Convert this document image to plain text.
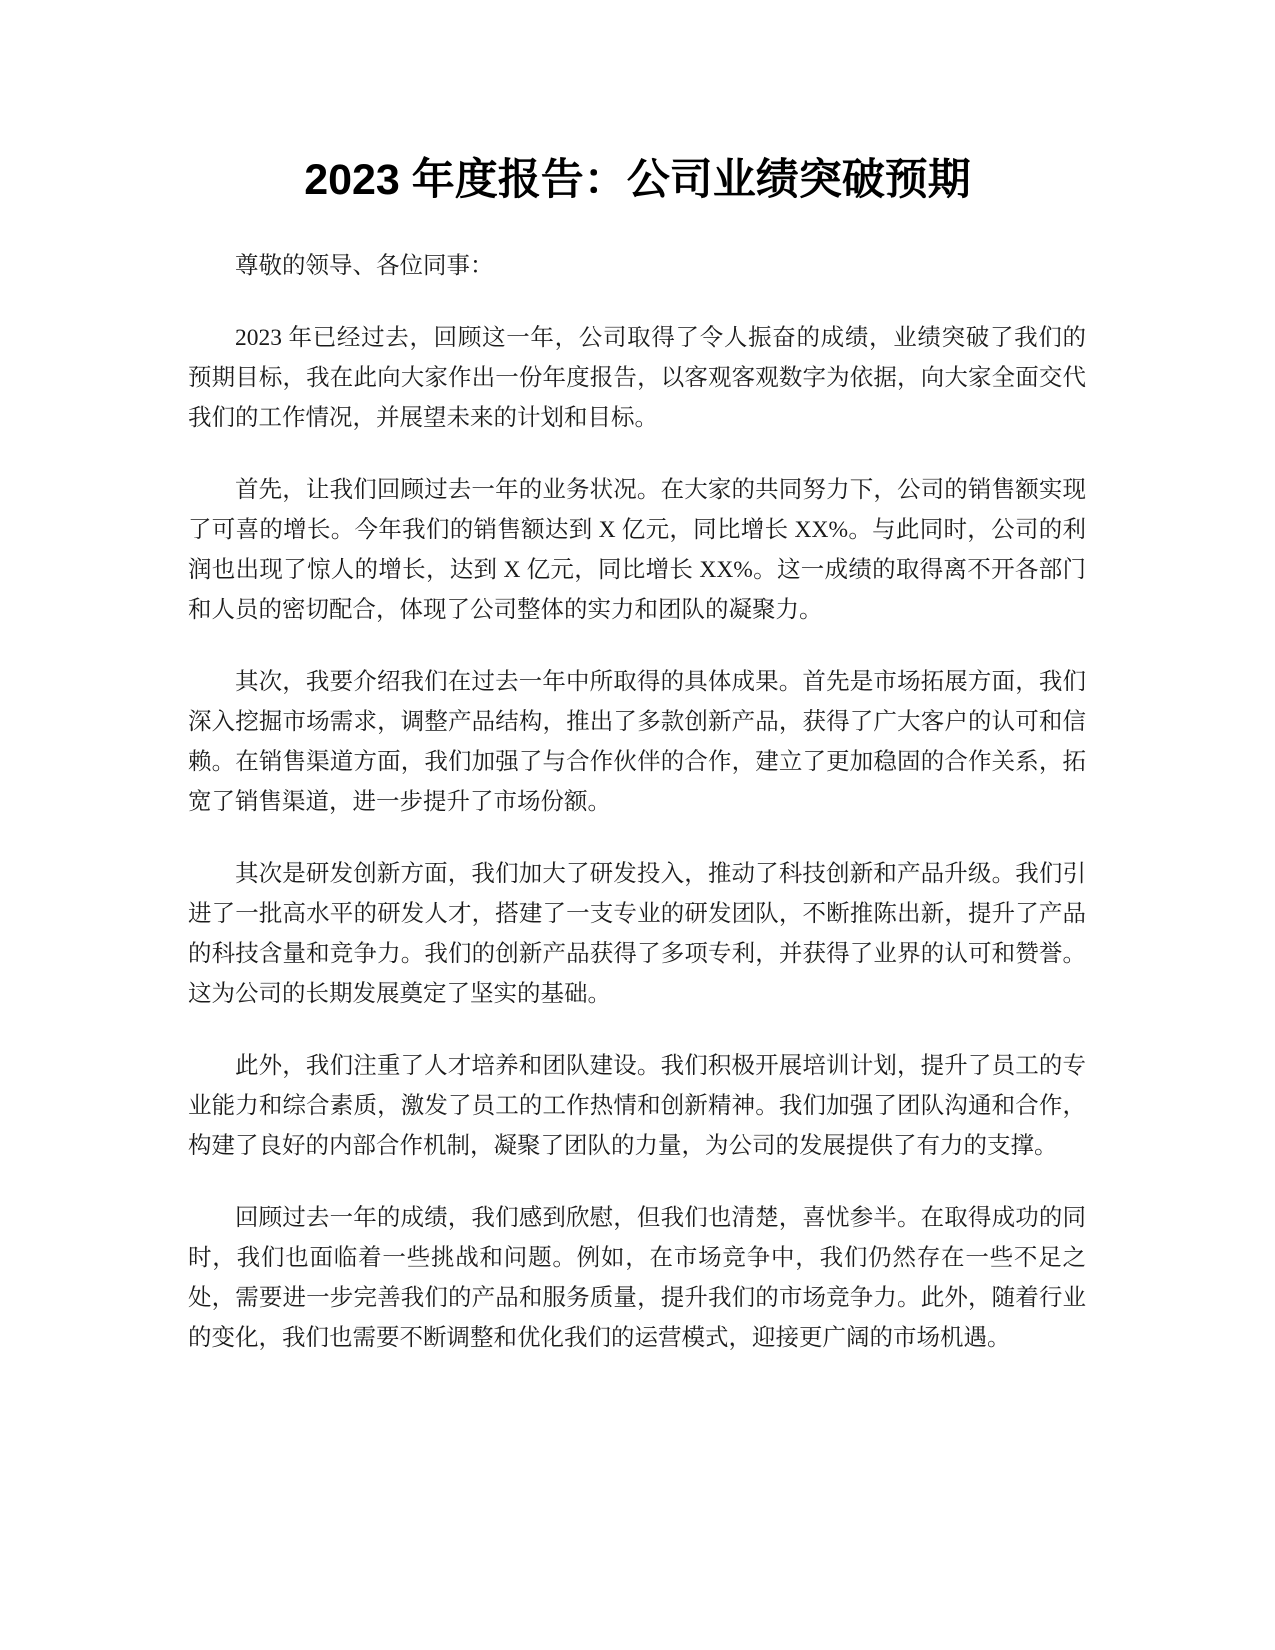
2023 年度报告：公司业绩突破预期

尊敬的领导、各位同事：

2023 年已经过去，回顾这一年，公司取得了令人振奋的成绩，业绩突破了我们的预期目标，我在此向大家作出一份年度报告，以客观客观数字为依据，向大家全面交代我们的工作情况，并展望未来的计划和目标。

首先，让我们回顾过去一年的业务状况。在大家的共同努力下，公司的销售额实现了可喜的增长。今年我们的销售额达到 X 亿元，同比增长 XX%。与此同时，公司的利润也出现了惊人的增长，达到 X 亿元，同比增长 XX%。这一成绩的取得离不开各部门和人员的密切配合，体现了公司整体的实力和团队的凝聚力。

其次，我要介绍我们在过去一年中所取得的具体成果。首先是市场拓展方面，我们深入挖掘市场需求，调整产品结构，推出了多款创新产品，获得了广大客户的认可和信赖。在销售渠道方面，我们加强了与合作伙伴的合作，建立了更加稳固的合作关系，拓宽了销售渠道，进一步提升了市场份额。

其次是研发创新方面，我们加大了研发投入，推动了科技创新和产品升级。我们引进了一批高水平的研发人才，搭建了一支专业的研发团队，不断推陈出新，提升了产品的科技含量和竞争力。我们的创新产品获得了多项专利，并获得了业界的认可和赞誉。这为公司的长期发展奠定了坚实的基础。

此外，我们注重了人才培养和团队建设。我们积极开展培训计划，提升了员工的专业能力和综合素质，激发了员工的工作热情和创新精神。我们加强了团队沟通和合作，构建了良好的内部合作机制，凝聚了团队的力量，为公司的发展提供了有力的支撑。

回顾过去一年的成绩，我们感到欣慰，但我们也清楚，喜忧参半。在取得成功的同时，我们也面临着一些挑战和问题。例如，在市场竞争中，我们仍然存在一些不足之处，需要进一步完善我们的产品和服务质量，提升我们的市场竞争力。此外，随着行业的变化，我们也需要不断调整和优化我们的运营模式，迎接更广阔的市场机遇。
